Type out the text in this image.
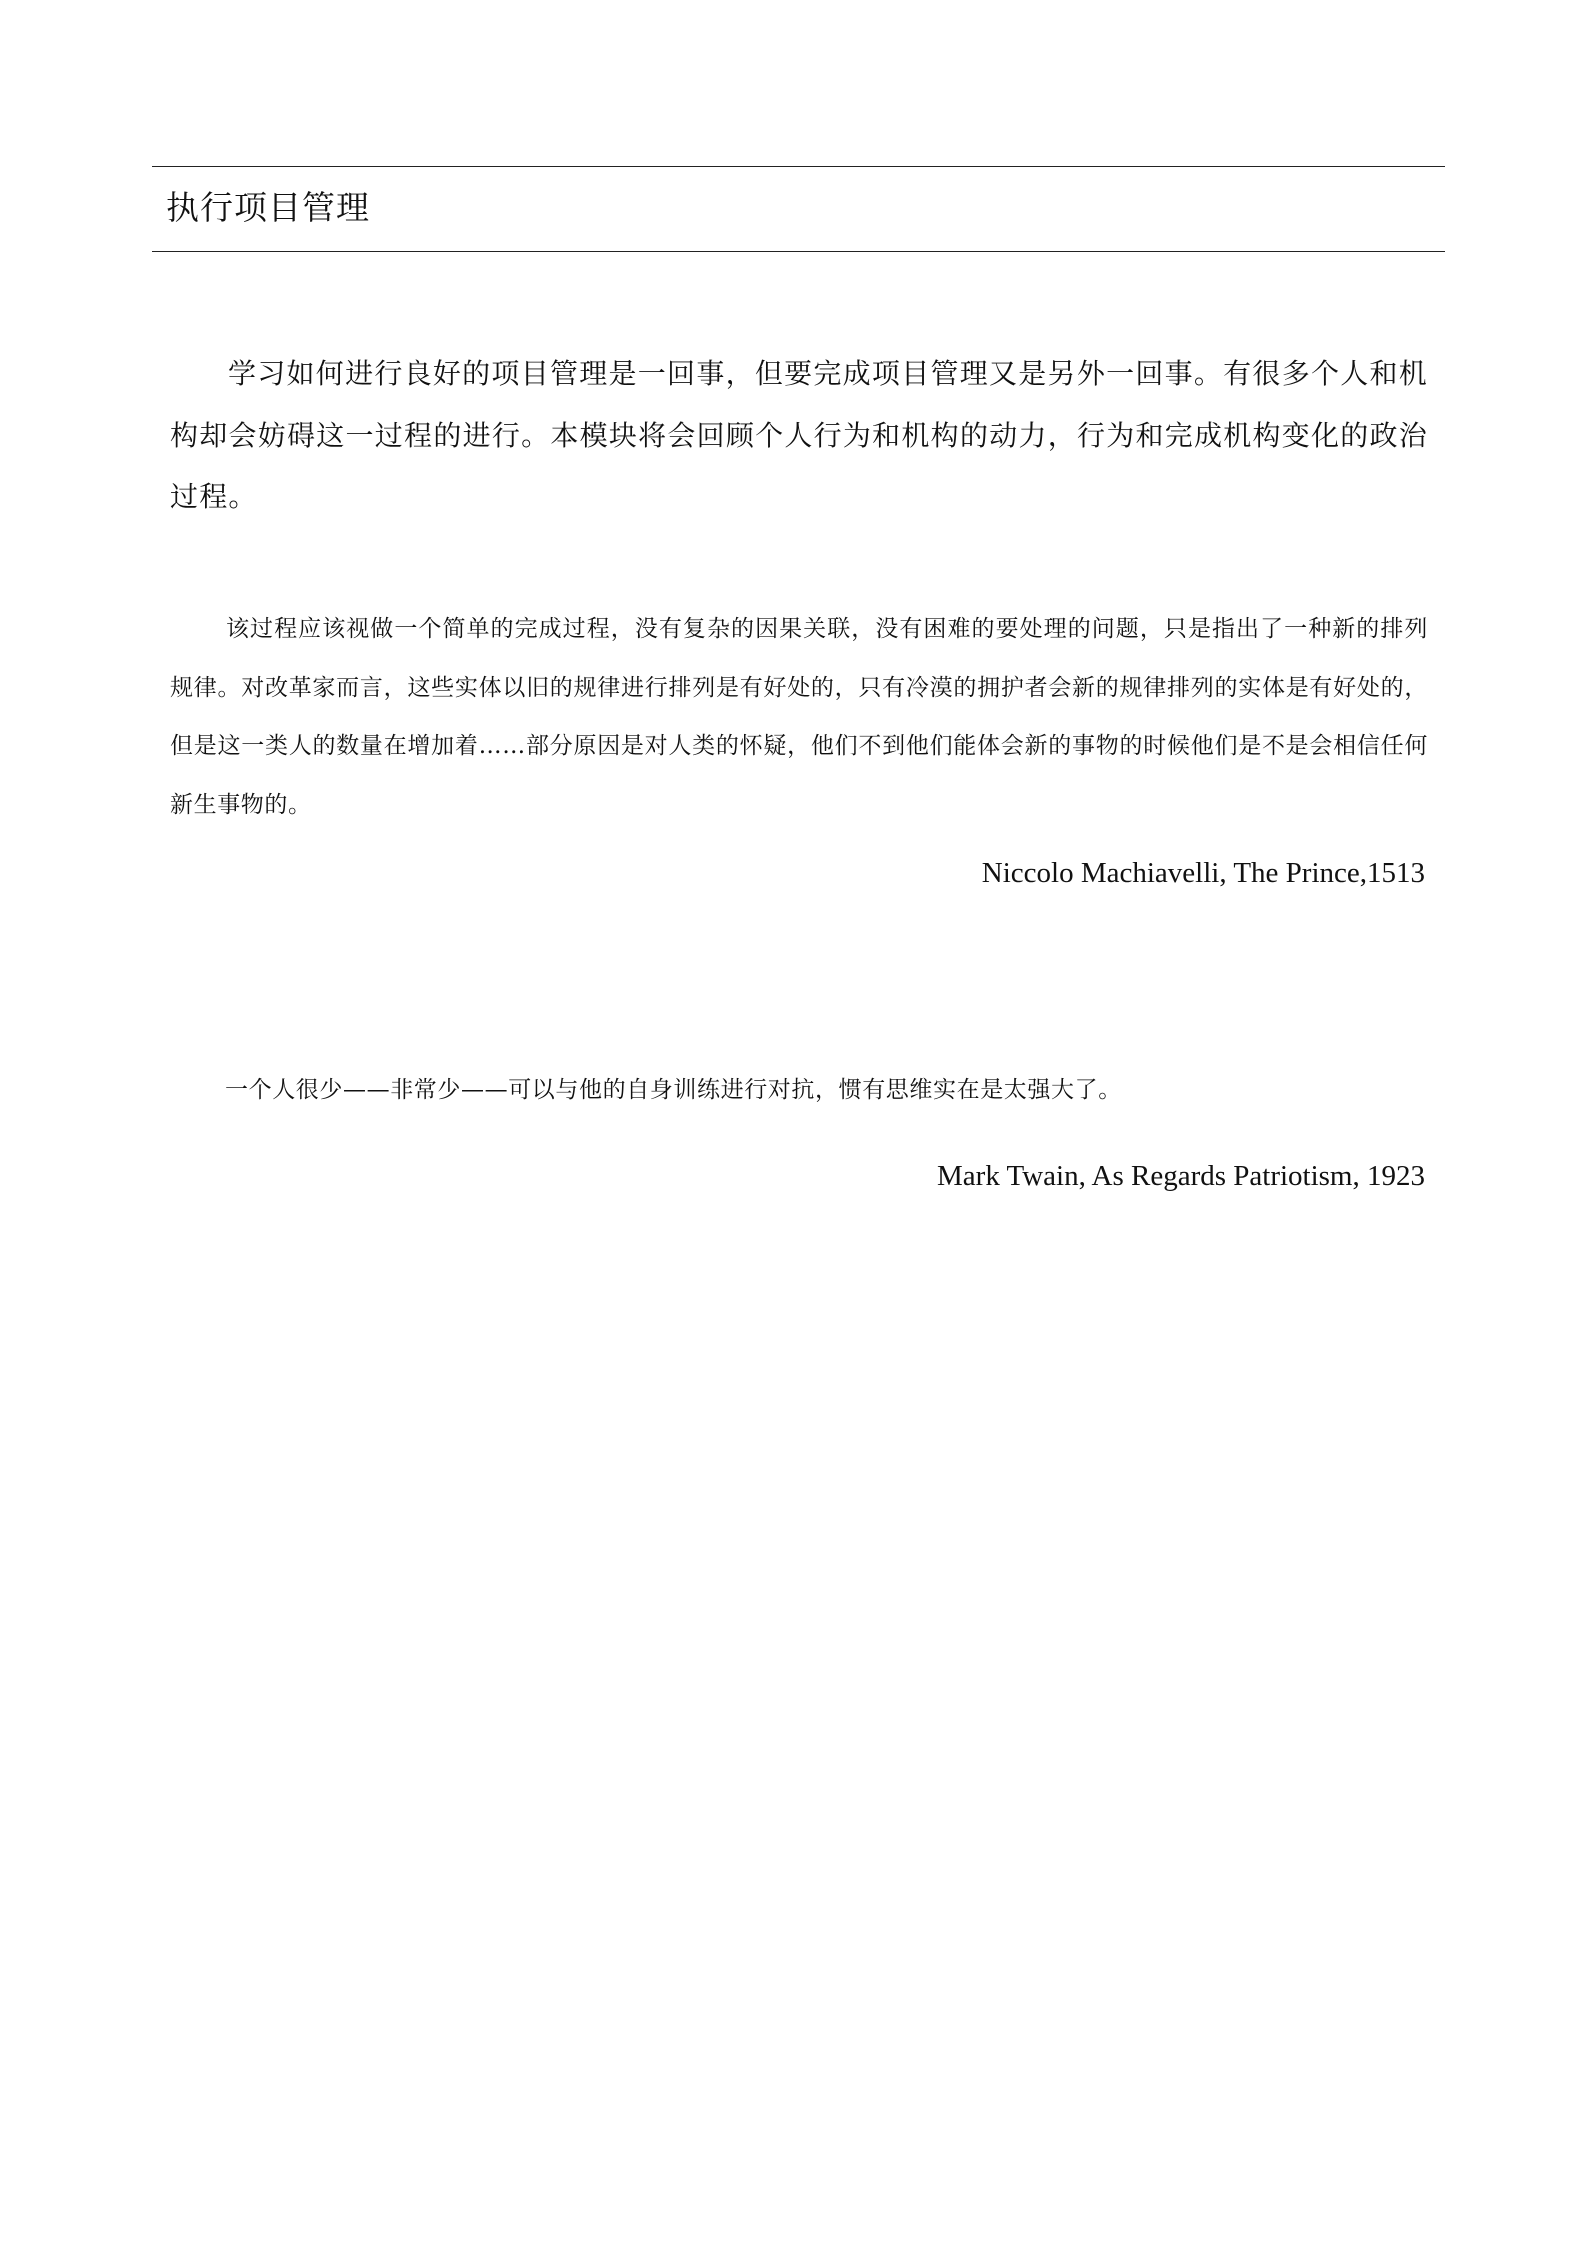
执行项目管理

学习如何进行良好的项目管理是一回事，但要完成项目管理又是另外一回事。有很多个人和机构却会妨碍这一过程的进行。本模块将会回顾个人行为和机构的动力，行为和完成机构变化的政治过程。

该过程应该视做一个简单的完成过程，没有复杂的因果关联，没有困难的要处理的问题，只是指出了一种新的排列规律。对改革家而言，这些实体以旧的规律进行排列是有好处的，只有冷漠的拥护者会新的规律排列的实体是有好处的，但是这一类人的数量在增加着……部分原因是对人类的怀疑，他们不到他们能体会新的事物的时候他们是不是会相信任何新生事物的。

Niccolo Machiavelli, The Prince,1513

一个人很少——非常少——可以与他的自身训练进行对抗，惯有思维实在是太强大了。

Mark Twain, As Regards Patriotism, 1923
